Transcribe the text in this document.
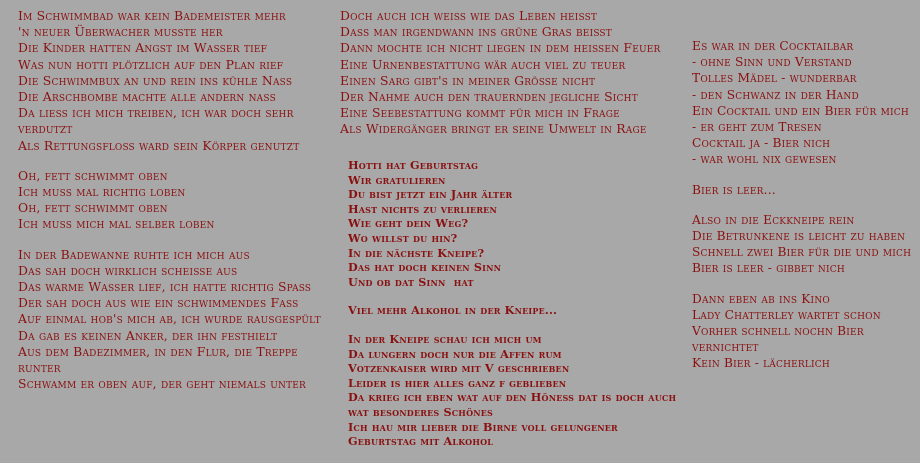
Im Schwimmbad war kein Bademeister mehr
'n neuer Überwacher musste her
Die Kinder hatten Angst im Wasser tief
Was nun hotti plötzlich auf den Plan rief
Die Schwimmbux an und rein ins kühle Nass
Die Arschbombe machte alle andern nass
Da ließ ich mich treiben, ich war doch sehr verdutzt
Als Rettungsfloß ward sein Körper genutzt
Oh, fett schwimmt oben
Ich muss mal richtig loben
Oh, fett schwimmt oben
Ich muss mich mal selber loben
In der Badewanne ruhte ich mich aus
Das sah doch wirklich scheiße aus
Das warme Wasser lief, ich hatte richtig Spaß
Der sah doch aus wie ein schwimmendes Fass
Auf einmal hob's mich ab, ich wurde rausgespült
Da gab es keinen Anker, der ihn festhielt
Aus dem Badezimmer, in den Flur, die Treppe runter
Schwamm er oben auf, der geht niemals unter
Doch auch ich weiß wie das Leben heißt
Dass man irgendwann ins grüne Gras beißt
Dann mochte ich nicht liegen in dem heißen Feuer
Eine Urnenbestattung wär auch viel zu teuer
Einen Sarg gibt's in meiner Größe nicht
Der Nahme auch den trauernden jegliche Sicht
Eine Seebestattung kommt für mich in Frage
Als Widergänger bringt er seine Umwelt in Rage
Hotti hat Geburtstag
Wir gratulieren
Du bist jetzt ein Jahr älter
Hast nichts zu verlieren
Wie geht dein Weg?
Wo willst du hin?
In die nächste Kneipe?
Das hat doch keinen Sinn
Und ob dat Sinn  hat
Viel mehr Alkohol in der Kneipe...
In der Kneipe schau ich mich um
Da lungern doch nur die Affen rum
Votzenkaiser wird mit V geschrieben
Leider is hier alles ganz f geblieben
Da krieg ich eben wat auf den Höneß dat is doch auch wat besonderes Schönes
Ich hau mir lieber die Birne voll gelungener Geburtstag mit Alkohol
Es war in der Cocktailbar
- ohne Sinn und Verstand
Tolles Mädel - wunderbar
- den Schwanz in der Hand
Ein Cocktail und ein Bier für mich
- er geht zum Tresen
Cocktail ja - Bier nich
- war wohl nix gewesen
Bier is leer...
Also in die Eckkneipe rein
Die Betrunkene is leicht zu haben
Schnell zwei Bier für die und mich
Bier is leer - gibbet nich
Dann eben ab ins Kino
Lady Chatterley wartet schon
Vorher schnell nochn Bier vernichtet
Kein Bier - lächerlich
